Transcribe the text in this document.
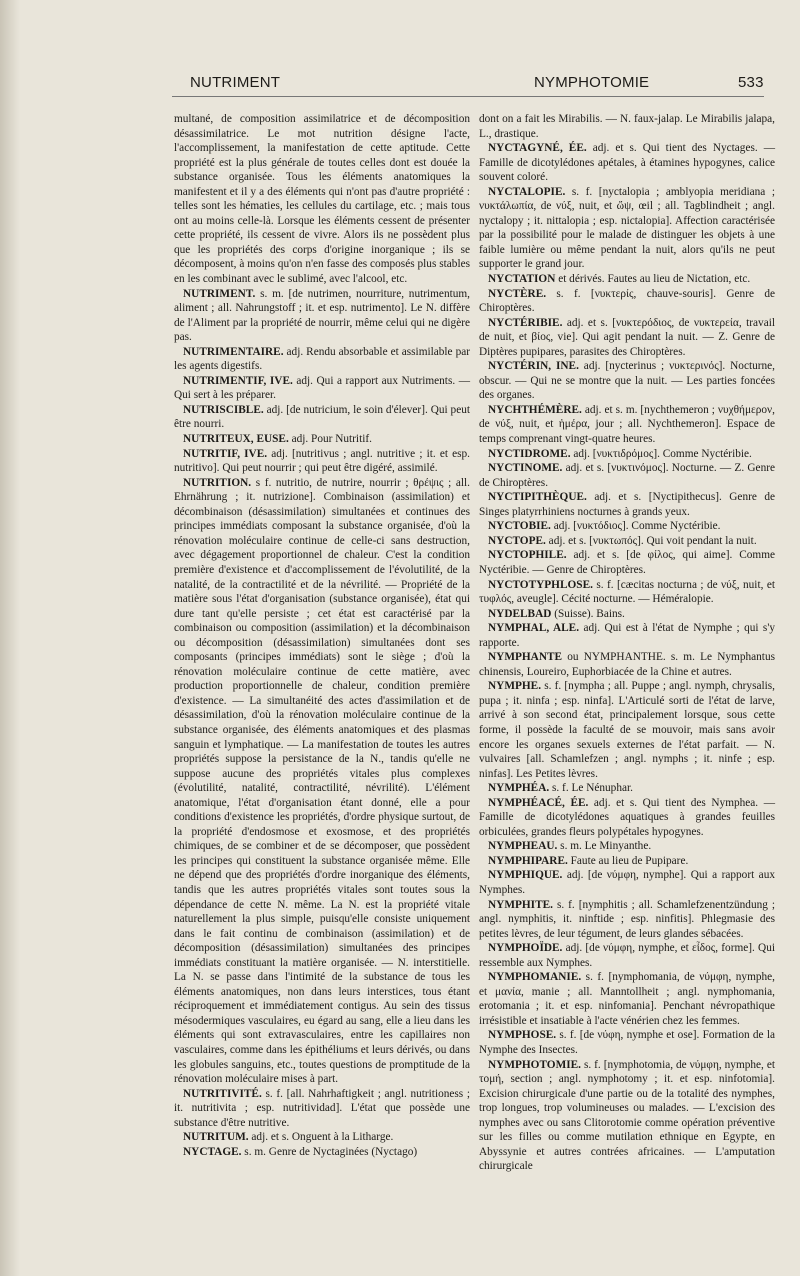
NUTRIMENT	NYMPHOTOMIE	533

multané, de composition assimilatrice et de décomposition désassimilatrice. Le mot nutrition désigne l'acte, l'accomplissement, la manifestation de cette aptitude. Cette propriété est la plus générale de toutes celles dont est douée la substance organisée. Tous les éléments anatomiques la manifestent et il y a des éléments qui n'ont pas d'autre propriété : telles sont les hématies, les cellules du cartilage, etc. ; mais tous ont au moins celle-là. Lorsque les éléments cessent de présenter cette propriété, ils cessent de vivre. Alors ils ne possèdent plus que les propriétés des corps d'origine inorganique ; ils se décomposent, à moins qu'on n'en fasse des composés plus stables en les combinant avec le sublimé, avec l'alcool, etc.

NUTRIMENT. s. m. [de nutrimen, nourriture, nutrimentum, aliment ; all. Nahrungstoff ; it. et esp. nutrimento]. Le N. diffère de l'Aliment par la propriété de nourrir, même celui qui ne digère pas.

NUTRIMENTAIRE. adj. Rendu absorbable et assimilable par les agents digestifs.

NUTRIMENTIF, IVE. adj. Qui a rapport aux Nutriments. — Qui sert à les préparer.

NUTRISCIBLE. adj. [de nutricium, le soin d'élever]. Qui peut être nourri.

NUTRITEUX, EUSE. adj. Pour Nutritif.

NUTRITIF, IVE. adj. [nutritivus ; angl. nutritive ; it. et esp. nutritivo]. Qui peut nourrir ; qui peut être digéré, assimilé.

NUTRITION. s f. nutritio, de nutrire, nourrir ; θρέψις ; all. Ehrnährung ; it. nutrizione]. Combinaison (assimilation) et décombinaison (désassimilation) simultanées et continues des principes immédiats composant la substance organisée, d'où la rénovation moléculaire continue de celle-ci sans destruction, avec dégagement proportionnel de chaleur. C'est la condition première d'existence et d'accomplissement de l'évolutilité, de la natalité, de la contractilité et de la névrilité. — Propriété de la matière sous l'état d'organisation (substance organisée), état qui dure tant qu'elle persiste ; cet état est caractérisé par la combinaison ou composition (assimilation) et la décombinaison ou décomposition (désassimilation) simultanées dont ses composants (principes immédiats) sont le siège ; d'où la rénovation moléculaire continue de cette matière, avec production proportionnelle de chaleur, condition première d'existence. — La simultanéité des actes d'assimilation et de désassimilation, d'où la rénovation moléculaire continue de la substance organisée, des éléments anatomiques et des plasmas sanguin et lymphatique. — La manifestation de toutes les autres propriétés suppose la persistance de la N., tandis qu'elle ne suppose aucune des propriétés vitales plus complexes (évolutilité, natalité, contractilité, névrilité). L'élément anatomique, l'état d'organisation étant donné, elle a pour conditions d'existence les propriétés, d'ordre physique surtout, de la propriété d'endosmose et exosmose, et des propriétés chimiques, de se combiner et de se décomposer, que possèdent les principes qui constituent la substance organisée même. Elle ne dépend que des propriétés d'ordre inorganique des éléments, tandis que les autres propriétés vitales sont toutes sous la dépendance de cette N. même. La N. est la propriété vitale naturellement la plus simple, puisqu'elle consiste uniquement dans le fait continu de combinaison (assimilation) et de décomposition (désassimilation) simultanées des principes immédiats constituant la matière organisée. — N. interstitielle. La N. se passe dans l'intimité de la substance de tous les éléments anatomiques, non dans leurs interstices, tous étant réciproquement et immédiatement contigus. Au sein des tissus mésodermiques vasculaires, eu égard au sang, elle a lieu dans les éléments qui sont extravasculaires, entre les capillaires non vasculaires, comme dans les épithéliums et leurs dérivés, ou dans les globules sanguins, etc., toutes questions de promptitude de la rénovation moléculaire mises à part.

NUTRITIVITÉ. s. f. [all. Nahrhaftigkeit ; angl. nutritioness ; it. nutritivita ; esp. nutritividad]. L'état que possède une substance d'être nutritive.

NUTRITUM. adj. et s. Onguent à la Litharge.

NYCTAGE. s. m. Genre de Nyctaginées (Nyctago)

dont on a fait les Mirabilis. — N. faux-jalap. Le Mirabilis jalapa, L., drastique.

NYCTAGYNÉ, ÉE. adj. et s. Qui tient des Nyctages. — Famille de dicotylédones apétales, à étamines hypogynes, calice souvent coloré.

NYCTALOPIE. s. f. [nyctalopia ; amblyopia meridiana ; νυκτάλωπία, de νύξ, nuit, et ὤψ, œil ; all. Tagblindheit ; angl. nyctalopy ; it. nittalopia ; esp. nictalopia]. Affection caractérisée par la possibilité pour le malade de distinguer les objets à une faible lumière ou même pendant la nuit, alors qu'ils ne peut supporter le grand jour.

NYCTATION et dérivés. Fautes au lieu de Nictation, etc.

NYCTÈRE. s. f. [νυκτερίς, chauve-souris]. Genre de Chiroptères.

NYCTÉRIBIE. adj. et s. [νυκτερόδιος, de νυκτερεία, travail de nuit, et βίος, vie]. Qui agit pendant la nuit. — Z. Genre de Diptères pupipares, parasites des Chiroptères.

NYCTÉRIN, INE. adj. [nycterinus ; νυκτερινός]. Nocturne, obscur. — Qui ne se montre que la nuit. — Les parties foncées des organes.

NYCHTHÉMÈRE. adj. et s. m. [nychthemeron ; νυχθήμερον, de νύξ, nuit, et ἡμέρα, jour ; all. Nychthemeron]. Espace de temps comprenant vingt-quatre heures.

NYCTIDROME. adj. [νυκτιδρόμος]. Comme Nyctéribie.

NYCTINOME. adj. et s. [νυκτινόμος]. Nocturne. — Z. Genre de Chiroptères.

NYCTIPITHÈQUE. adj. et s. [Nyctipithecus]. Genre de Singes platyrrhiniens nocturnes à grands yeux.

NYCTOBIE. adj. [νυκτόδιος]. Comme Nyctéribie.

NYCTOPE. adj. et s. [νυκτωπός]. Qui voit pendant la nuit.

NYCTOPHILE. adj. et s. [de φίλος, qui aime]. Comme Nyctéribie. — Genre de Chiroptères.

NYCTOTYPHLOSE. s. f. [cæcitas nocturna ; de νύξ, nuit, et τυφλός, aveugle]. Cécité nocturne. — Héméralopie.

NYDELBAD (Suisse). Bains.

NYMPHAL, ALE. adj. Qui est à l'état de Nymphe ; qui s'y rapporte.

NYMPHANTE ou NYMPHANTHE. s. m. Le Nymphantus chinensis, Loureiro, Euphorbiacée de la Chine et autres.

NYMPHE. s. f. [nympha ; all. Puppe ; angl. nymph, chrysalis, pupa ; it. ninfa ; esp. ninfa]. L'Articulé sorti de l'état de larve, arrivé à son second état, principalement lorsque, sous cette forme, il possède la faculté de se mouvoir, mais sans avoir encore les organes sexuels externes de l'état parfait. — N. vulvaires [all. Schamlefzen ; angl. nymphs ; it. ninfe ; esp. ninfas]. Les Petites lèvres.

NYMPHÉA. s. f. Le Nénuphar.

NYMPHÉACÉ, ÉE. adj. et s. Qui tient des Nymphea. — Famille de dicotylédones aquatiques à grandes feuilles orbiculées, grandes fleurs polypétales hypogynes.

NYMPHEAU. s. m. Le Minyanthe.

NYMPHIPARE. Faute au lieu de Pupipare.

NYMPHIQUE. adj. [de νύμφη, nymphe]. Qui a rapport aux Nymphes.

NYMPHITE. s. f. [nymphitis ; all. Schamlefzenentzündung ; angl. nymphitis, it. ninftide ; esp. ninfitis]. Phlegmasie des petites lèvres, de leur tégument, de leurs glandes sébacées.

NYMPHOÏDE. adj. [de νύμφη, nymphe, et εἶδος, forme]. Qui ressemble aux Nymphes.

NYMPHOMANIE. s. f. [nymphomania, de νύμφη, nymphe, et μανία, manie ; all. Manntollheit ; angl. nymphomania, erotomania ; it. et esp. ninfomania]. Penchant névropathique irrésistible et insatiable à l'acte vénérien chez les femmes.

NYMPHOSE. s. f. [de νύφη, nymphe et ose]. Formation de la Nymphe des Insectes.

NYMPHOTOMIE. s. f. [nymphotomia, de νύμφη, nymphe, et τομή, section ; angl. nymphotomy ; it. et esp. ninfotomia]. Excision chirurgicale d'une partie ou de la totalité des nymphes, trop longues, trop volumineuses ou malades. — L'excision des nymphes avec ou sans Clitorotomie comme opération préventive sur les filles ou comme mutilation ethnique en Egypte, en Abyssynie et autres contrées africaines. — L'amputation chirurgicale
